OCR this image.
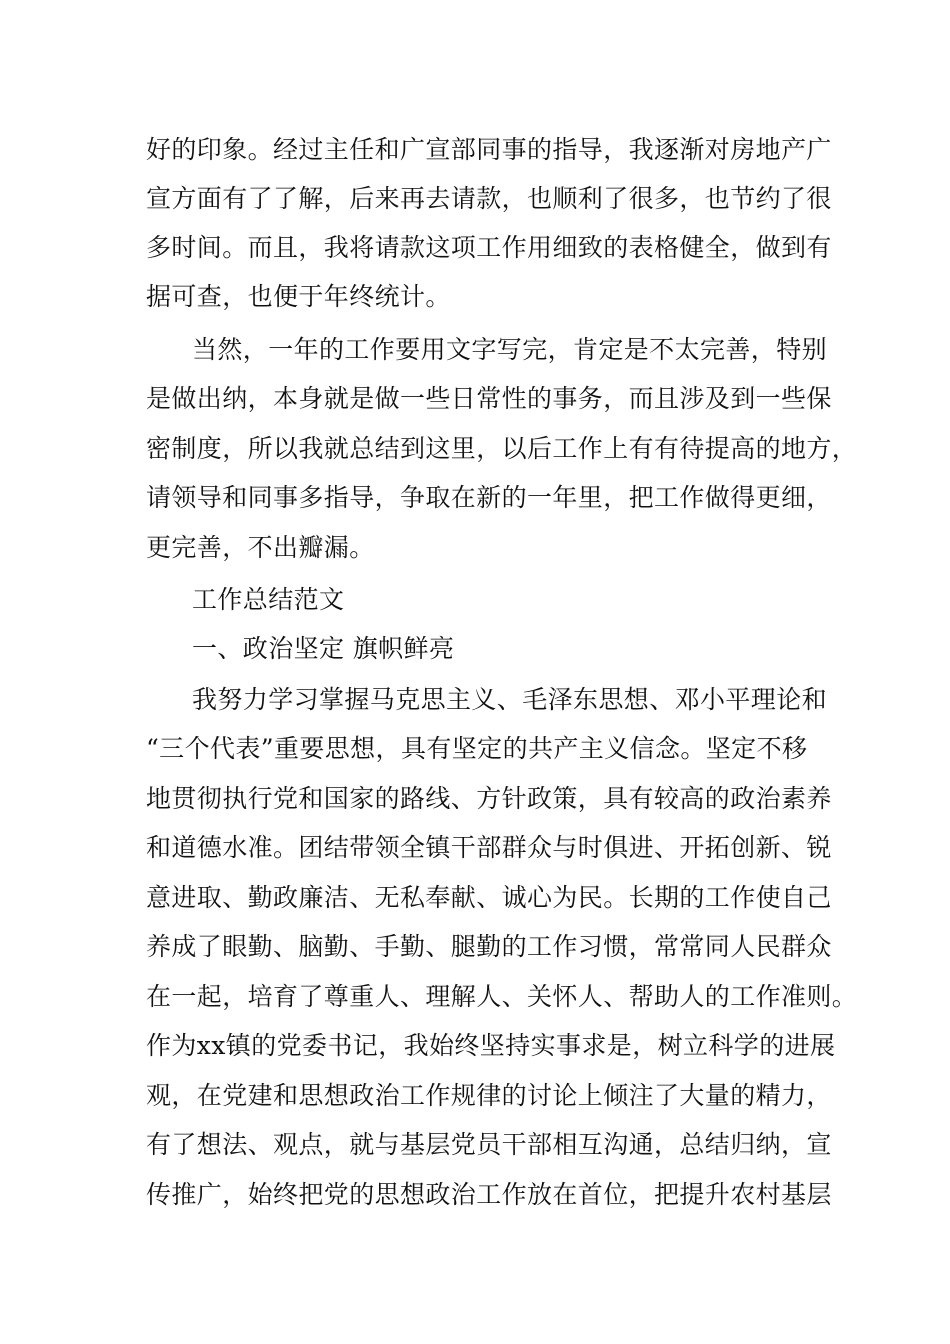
好的印象。经过主任和广宣部同事的指导，我逐渐对房地产广
宣方面有了了解，后来再去请款，也顺利了很多，也节约了很
多时间。而且，我将请款这项工作用细致的表格健全，做到有
据可查，也便于年终统计。
当然，一年的工作要用文字写完，肯定是不太完善，特别
是做出纳，本身就是做一些日常性的事务，而且涉及到一些保
密制度，所以我就总结到这里，以后工作上有有待提高的地方，
请领导和同事多指导，争取在新的一年里，把工作做得更细，
更完善，不出瓣漏。
工作总结范文
一、政治坚定 旗帜鲜亮
我努力学习掌握马克思主义、毛泽东思想、邓小平理论和
“三个代表”重要思想，具有坚定的共产主义信念。坚定不移
地贯彻执行党和国家的路线、方针政策，具有较高的政治素养
和道德水准。团结带领全镇干部群众与时俱进、开拓创新、锐
意进取、勤政廉洁、无私奉献、诚心为民。长期的工作使自己
养成了眼勤、脑勤、手勤、腿勤的工作习惯，常常同人民群众
在一起，培育了尊重人、理解人、关怀人、帮助人的工作准则。
作为xx镇的党委书记，我始终坚持实事求是，树立科学的进展
观，在党建和思想政治工作规律的讨论上倾注了大量的精力，
有了想法、观点，就与基层党员干部相互沟通，总结归纳，宣
传推广，始终把党的思想政治工作放在首位，把提升农村基层
